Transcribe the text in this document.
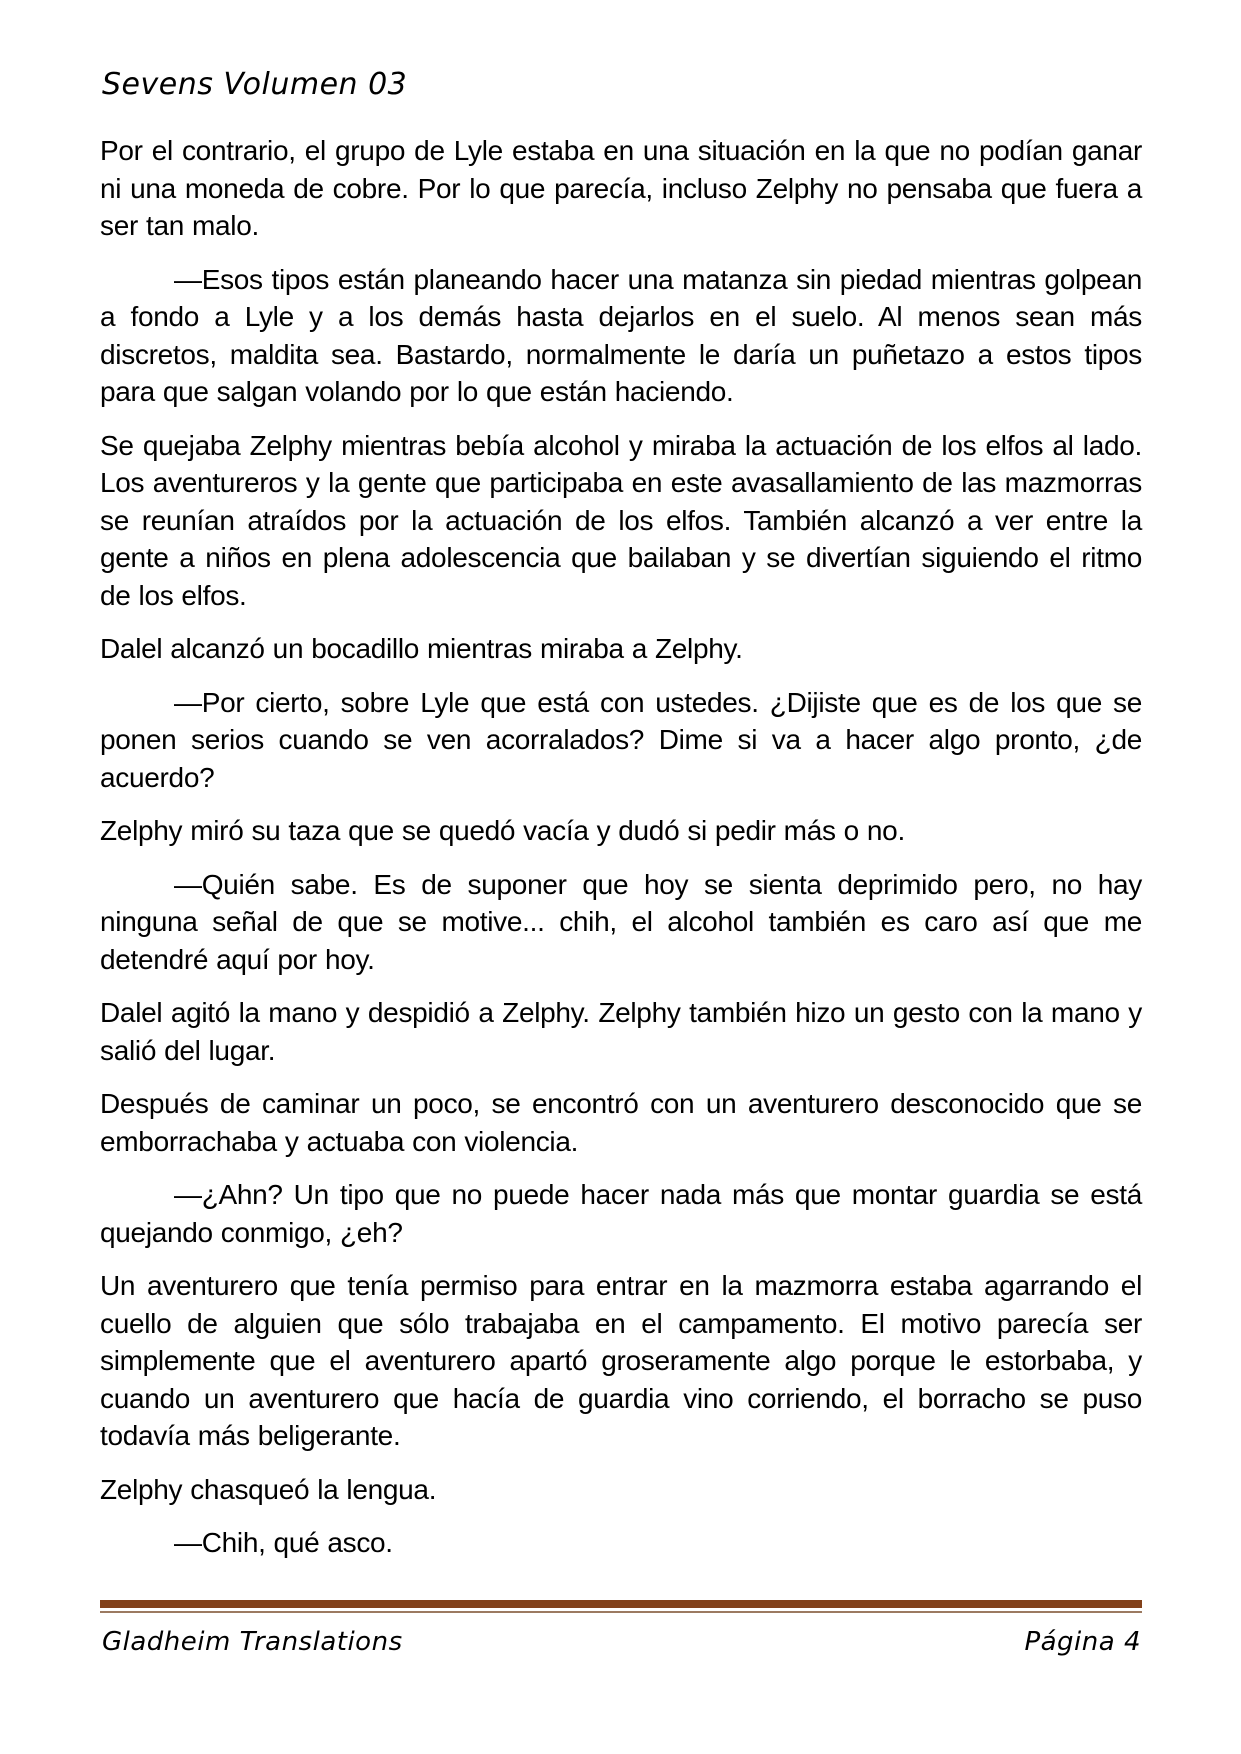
Sevens Volumen 03

Por el contrario, el grupo de Lyle estaba en una situación en la que no podían ganar ni una moneda de cobre. Por lo que parecía, incluso Zelphy no pensaba que fuera a ser tan malo.

—Esos tipos están planeando hacer una matanza sin piedad mientras golpean a fondo a Lyle y a los demás hasta dejarlos en el suelo. Al menos sean más discretos, maldita sea. Bastardo, normalmente le daría un puñetazo a estos tipos para que salgan volando por lo que están haciendo.

Se quejaba Zelphy mientras bebía alcohol y miraba la actuación de los elfos al lado. Los aventureros y la gente que participaba en este avasallamiento de las mazmorras se reunían atraídos por la actuación de los elfos. También alcanzó a ver entre la gente a niños en plena adolescencia que bailaban y se divertían siguiendo el ritmo de los elfos.

Dalel alcanzó un bocadillo mientras miraba a Zelphy.

—Por cierto, sobre Lyle que está con ustedes. ¿Dijiste que es de los que se ponen serios cuando se ven acorralados? Dime si va a hacer algo pronto, ¿de acuerdo?

Zelphy miró su taza que se quedó vacía y dudó si pedir más o no.

—Quién sabe. Es de suponer que hoy se sienta deprimido pero, no hay ninguna señal de que se motive... chih, el alcohol también es caro así que me detendré aquí por hoy.

Dalel agitó la mano y despidió a Zelphy. Zelphy también hizo un gesto con la mano y salió del lugar.

Después de caminar un poco, se encontró con un aventurero desconocido que se emborrachaba y actuaba con violencia.

—¿Ahn? Un tipo que no puede hacer nada más que montar guardia se está quejando conmigo, ¿eh?

Un aventurero que tenía permiso para entrar en la mazmorra estaba agarrando el cuello de alguien que sólo trabajaba en el campamento. El motivo parecía ser simplemente que el aventurero apartó groseramente algo porque le estorbaba, y cuando un aventurero que hacía de guardia vino corriendo, el borracho se puso todavía más beligerante.

Zelphy chasqueó la lengua.

—Chih, qué asco.

Gladheim Translations	Página 4
